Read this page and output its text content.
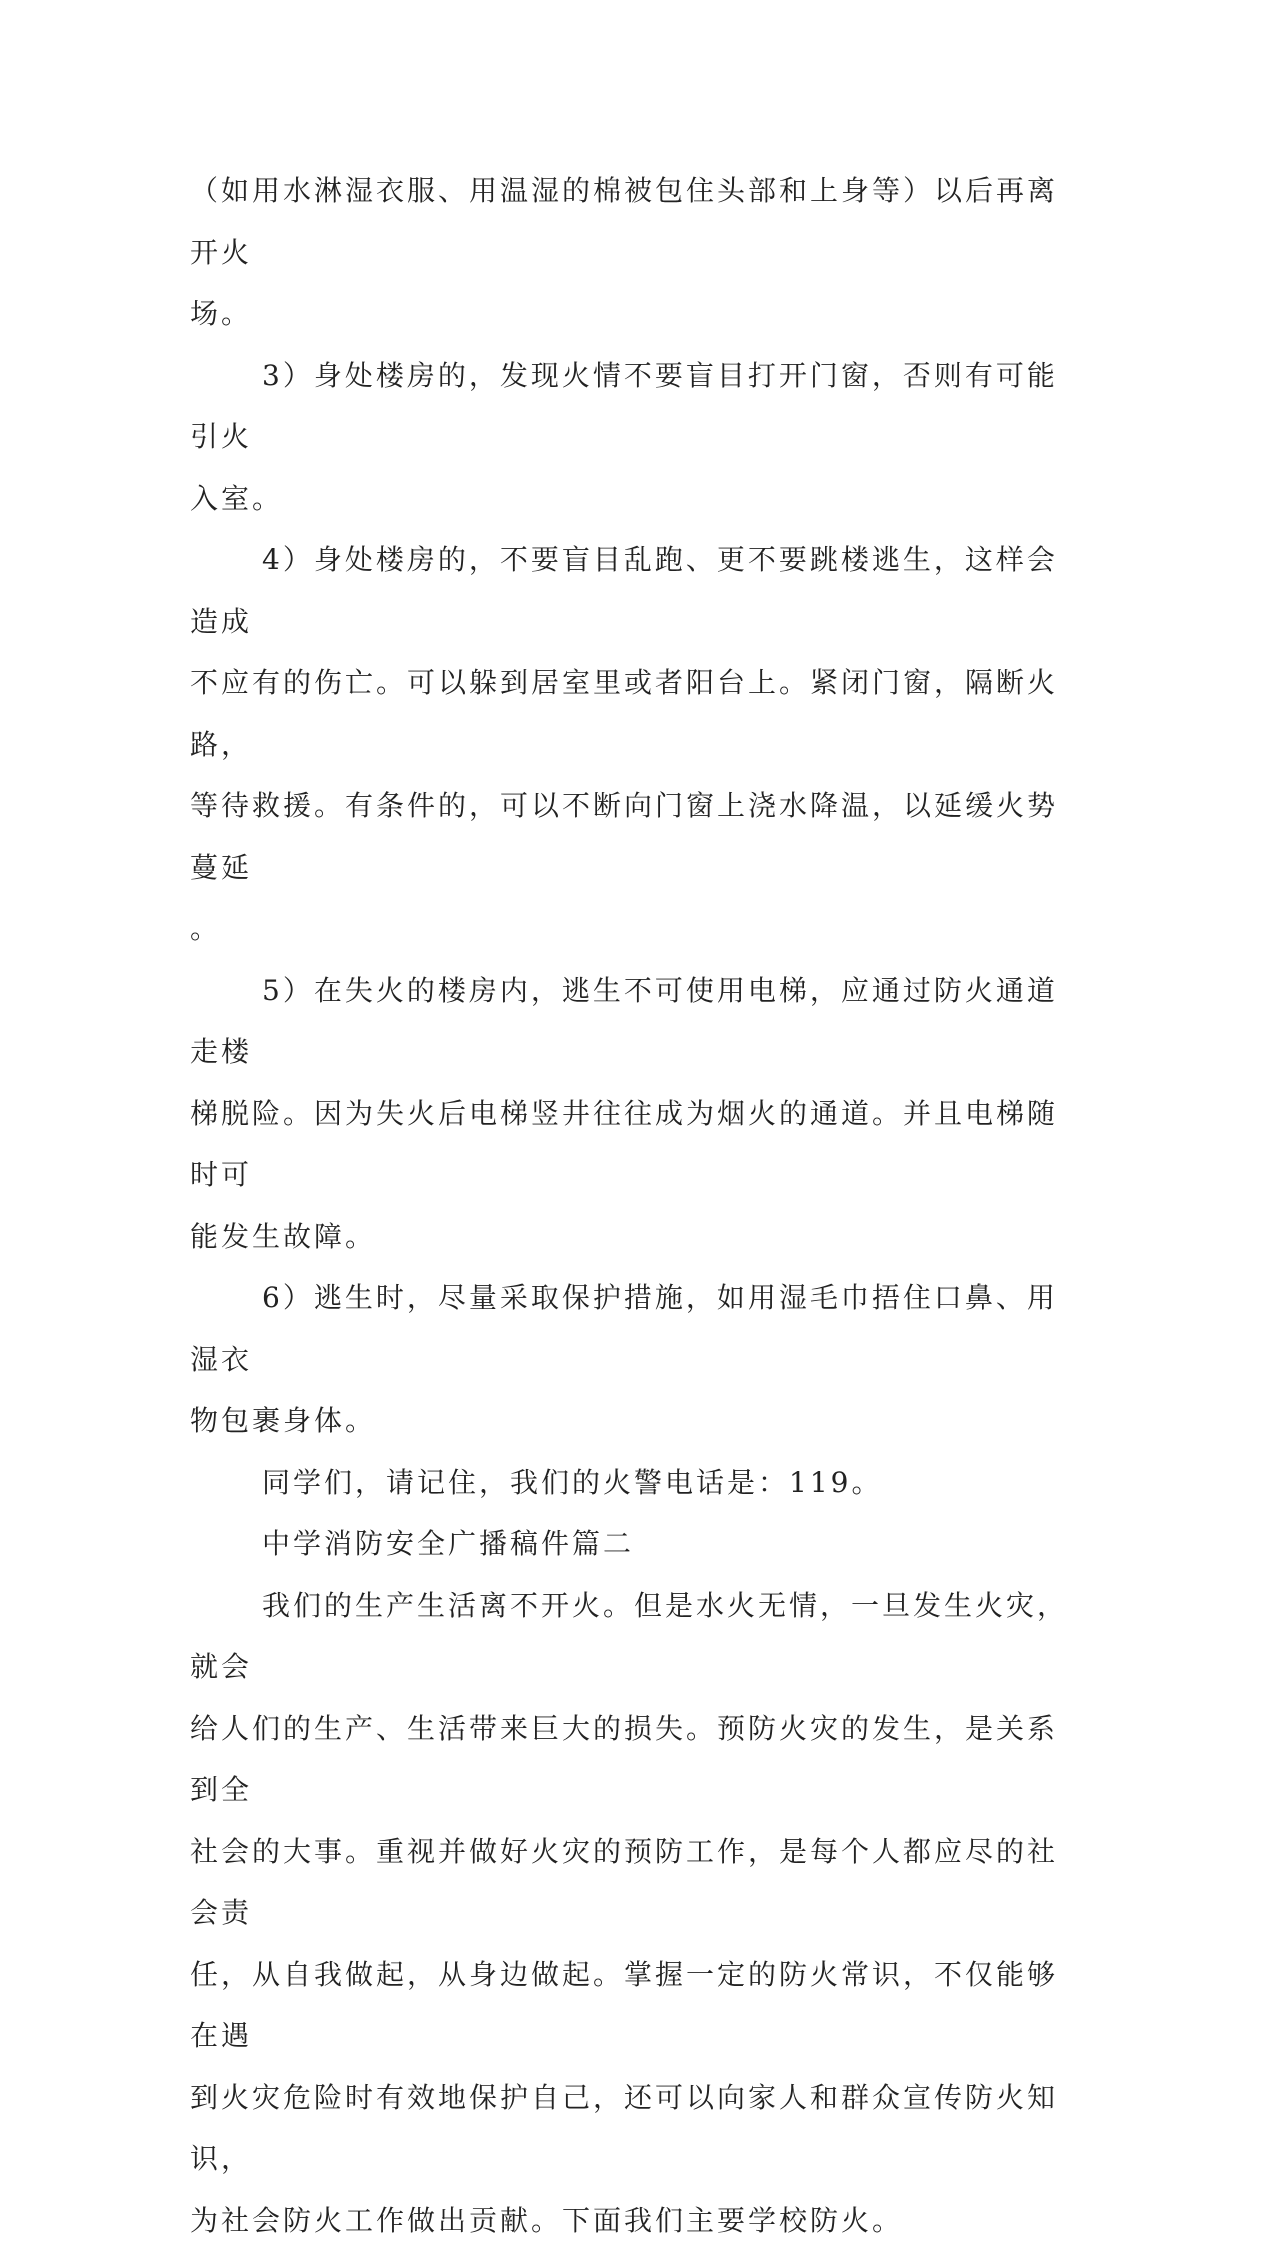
（如用水淋湿衣服、用温湿的棉被包住头部和上身等）以后再离开火
场。

3）身处楼房的，发现火情不要盲目打开门窗，否则有可能引火
入室。

4）身处楼房的，不要盲目乱跑、更不要跳楼逃生，这样会造成
不应有的伤亡。可以躲到居室里或者阳台上。紧闭门窗，隔断火路，
等待救援。有条件的，可以不断向门窗上浇水降温，以延缓火势蔓延
。

5）在失火的楼房内，逃生不可使用电梯，应通过防火通道走楼
梯脱险。因为失火后电梯竖井往往成为烟火的通道。并且电梯随时可
能发生故障。

6）逃生时，尽量采取保护措施，如用湿毛巾捂住口鼻、用湿衣
物包裹身体。

同学们，请记住，我们的火警电话是：119。

中学消防安全广播稿件篇二

我们的生产生活离不开火。但是水火无情，一旦发生火灾，就会
给人们的生产、生活带来巨大的损失。预防火灾的发生，是关系到全
社会的大事。重视并做好火灾的预防工作，是每个人都应尽的社会责
任，从自我做起，从身边做起。掌握一定的防火常识，不仅能够在遇
到火灾危险时有效地保护自己，还可以向家人和群众宣传防火知识，
为社会防火工作做出贡献。下面我们主要学校防火。
